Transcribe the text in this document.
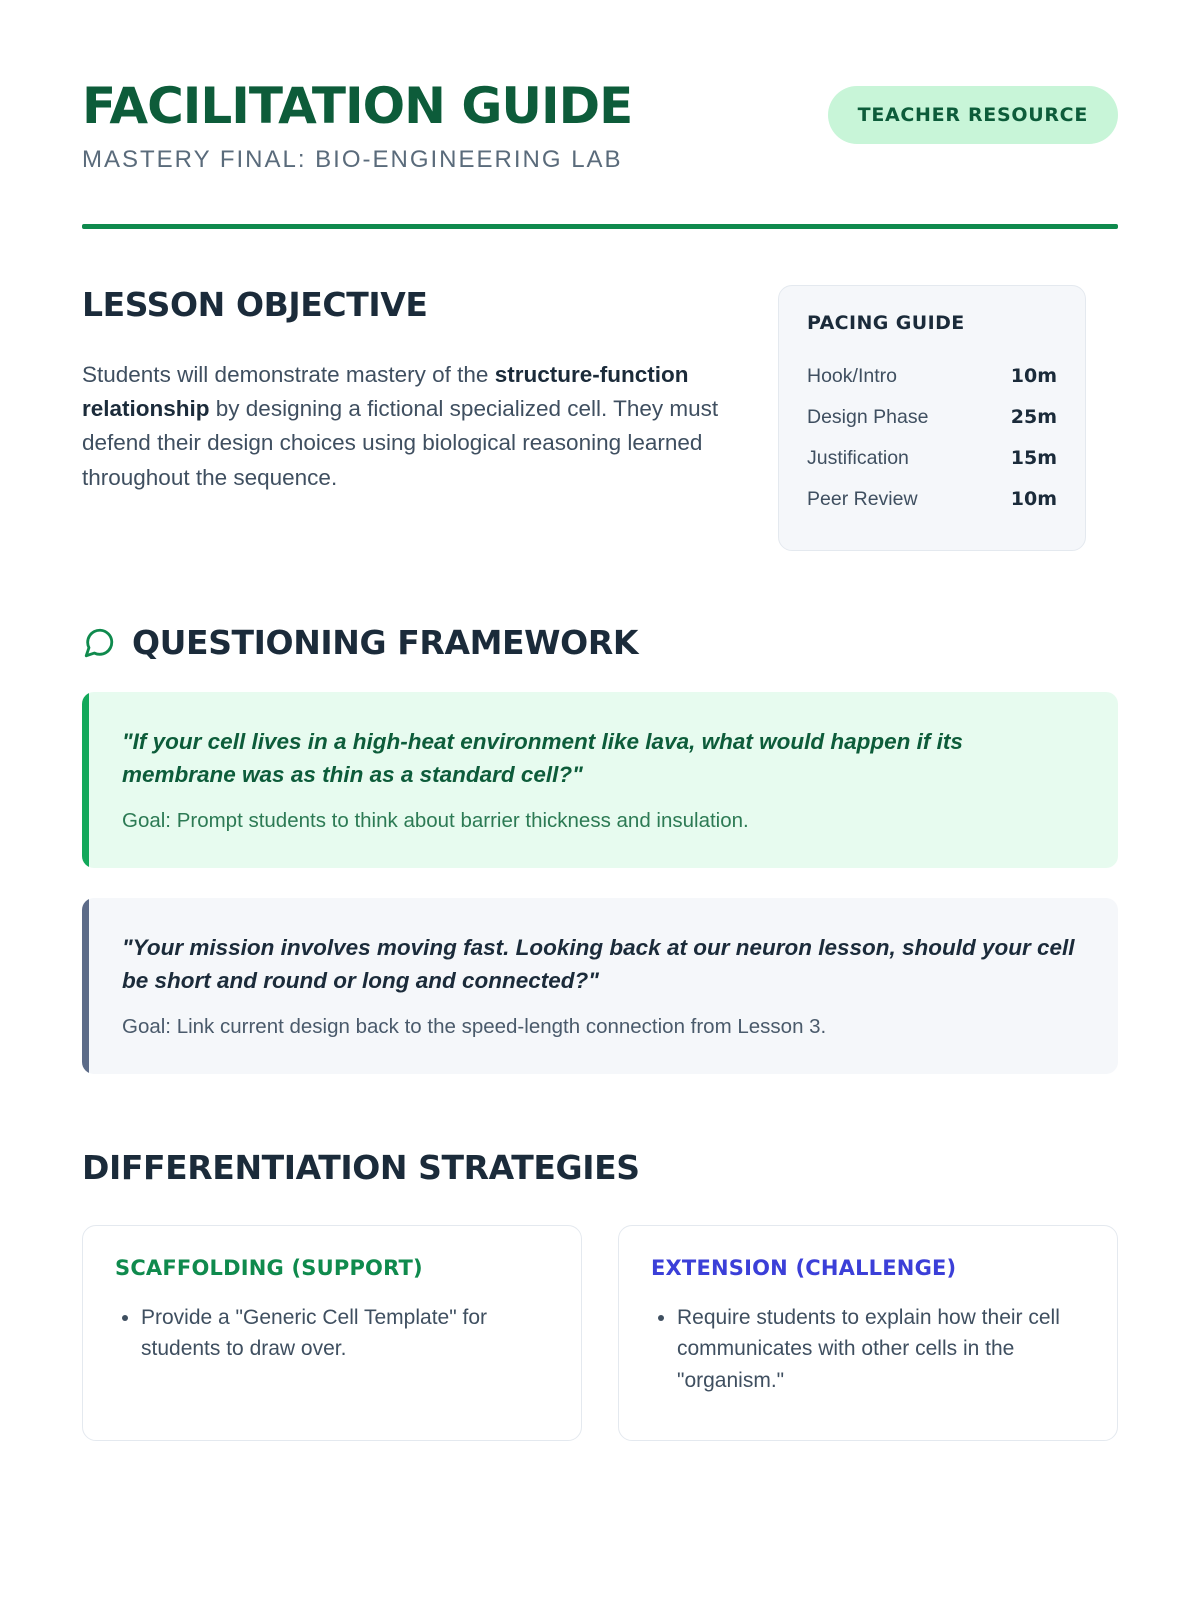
FACILITATION GUIDE
MASTERY FINAL: BIO-ENGINEERING LAB
TEACHER RESOURCE
LESSON OBJECTIVE

Students will demonstrate mastery of the structure-function relationship by designing a fictional specialized cell. They must defend their design choices using biological reasoning learned throughout the sequence.

PACING GUIDE
Hook/Intro	10m
Design Phase	25m
Justification	15m
Peer Review	10m
QUESTIONING FRAMEWORK
"If your cell lives in a high-heat environment like lava, what would happen if its membrane was as thin as a standard cell?"
Goal: Prompt students to think about barrier thickness and insulation.
"Your mission involves moving fast. Looking back at our neuron lesson, should your cell be short and round or long and connected?"
Goal: Link current design back to the speed-length connection from Lesson 3.
DIFFERENTIATION STRATEGIES
SCAFFOLDING (SUPPORT)
• Provide a "Generic Cell Template" for students to draw over.
EXTENSION (CHALLENGE)
• Require students to explain how their cell communicates with other cells in the "organism."
